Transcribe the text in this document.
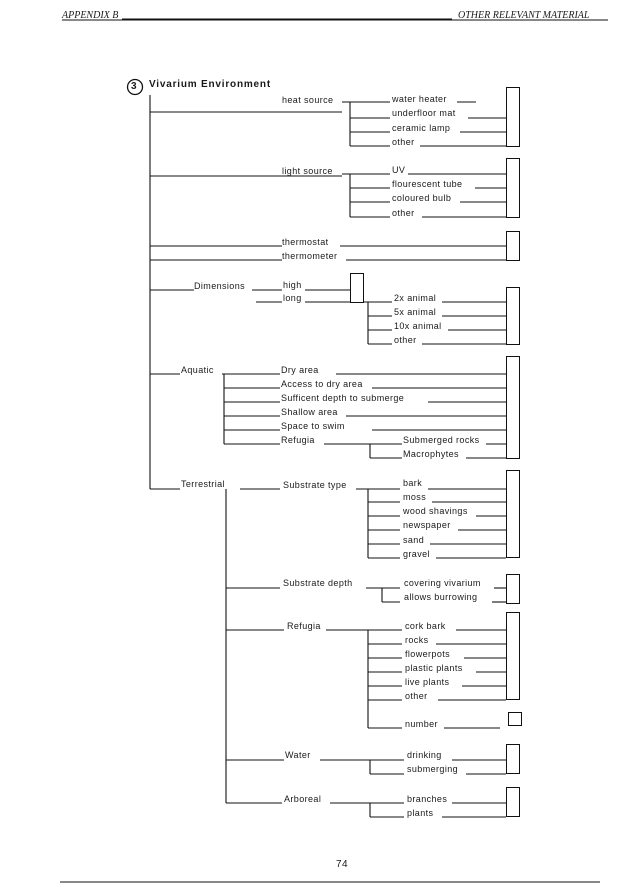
APPENDIX B	OTHER RELEVANT MATERIAL
3 Vivarium Environment
heat source	water heater
underfloor mat
ceramic lamp
other
light source	UV
flourescent tube
coloured bulb
other
thermostat
thermometer
Dimensions	high
long	2x animal
5x animal
10x animal
other
Aquatic	Dry area
Access to dry area
Sufficent depth to submerge
Shallow area
Space to swim
Refugia	Submerged rocks
Macrophytes
Terrestrial	Substrate type	bark
moss
wood shavings
newspaper
sand
gravel
Substrate depth	covering vivarium
allows burrowing
Refugia	cork bark
rocks
flowerpots
plastic plants
live plants
other
number
Water	drinking
submerging
Arboreal	branches
plants
74
